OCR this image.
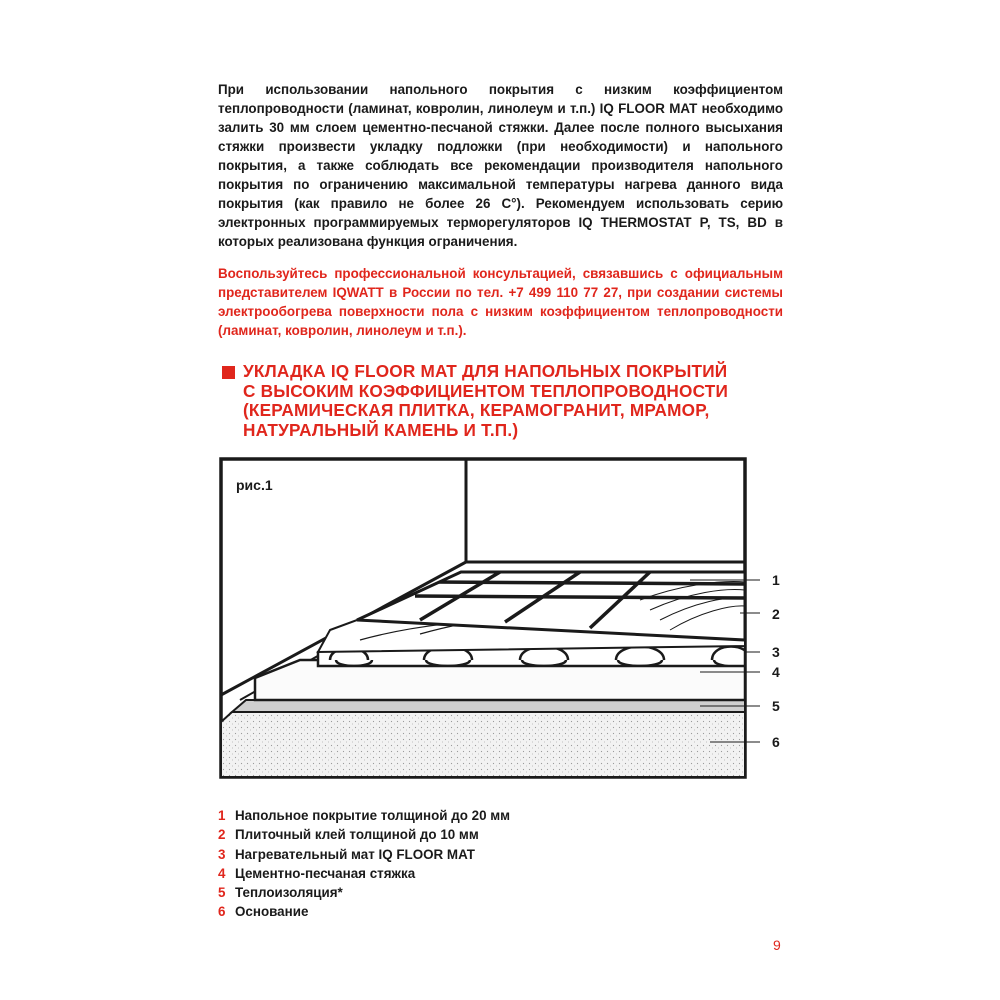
При использовании напольного покрытия с низким коэффициентом
теплопроводности (ламинат, ковролин, линолеум и т.п.) IQ FLOOR MAT необходимо
залить 30 мм слоем цементно-песчаной стяжки. Далее после полного высыхания
стяжки произвести укладку подложки (при необходимости) и напольного
покрытия, а также соблюдать все рекомендации производителя напольного
покрытия по ограничению максимальной температуры нагрева данного вида
покрытия (как правило не более 26 С°). Рекомендуем использовать серию
электронных программируемых терморегуляторов IQ THERMOSTAT P, TS, BD в
которых реализована функция ограничения.

Воспользуйтесь профессиональной консультацией, связавшись с официальным
представителем IQWATT в России по тел. +7 499 110 77 27, при создании системы
электрообогрева поверхности пола с низким коэффициентом теплопроводности
(ламинат, ковролин, линолеум и т.п.).

УКЛАДКА IQ FLOOR MAT ДЛЯ НАПОЛЬНЫХ ПОКРЫТИЙ
С ВЫСОКИМ КОЭФФИЦИЕНТОМ ТЕПЛОПРОВОДНОСТИ
(КЕРАМИЧЕСКАЯ ПЛИТКА, КЕРАМОГРАНИТ, МРАМОР,
НАТУРАЛЬНЫЙ КАМЕНЬ И Т.П.)

1
2
3
4
5
6
рис.1
1 Напольное покрытие толщиной до 20 мм
2 Плиточный клей толщиной до 10 мм
3 Нагревательный мат IQ FLOOR MAT
4 Цементно-песчаная стяжка
5 Теплоизоляция*
6 Основание
9
